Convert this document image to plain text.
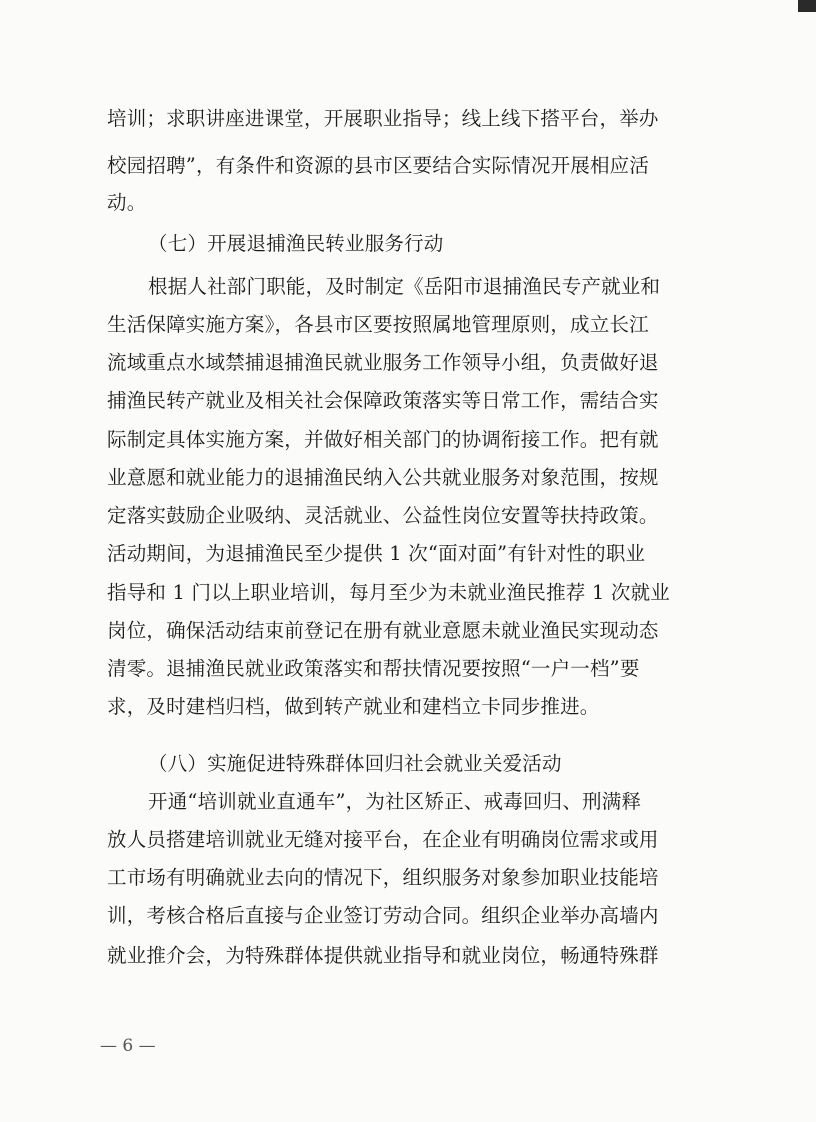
培训；求职讲座进课堂，开展职业指导；线上线下搭平台，举办
校园招聘”，有条件和资源的县市区要结合实际情况开展相应活
动。
（七）开展退捕渔民转业服务行动
根据人社部门职能，及时制定《岳阳市退捕渔民专产就业和
生活保障实施方案》，各县市区要按照属地管理原则，成立长江
流域重点水域禁捕退捕渔民就业服务工作领导小组，负责做好退
捕渔民转产就业及相关社会保障政策落实等日常工作，需结合实
际制定具体实施方案，并做好相关部门的协调衔接工作。把有就
业意愿和就业能力的退捕渔民纳入公共就业服务对象范围，按规
定落实鼓励企业吸纳、灵活就业、公益性岗位安置等扶持政策。
活动期间，为退捕渔民至少提供 1 次“面对面”有针对性的职业
指导和 1 门以上职业培训，每月至少为未就业渔民推荐 1 次就业
岗位，确保活动结束前登记在册有就业意愿未就业渔民实现动态
清零。退捕渔民就业政策落实和帮扶情况要按照“一户一档”要
求，及时建档归档，做到转产就业和建档立卡同步推进。
（八）实施促进特殊群体回归社会就业关爱活动
开通“培训就业直通车”，为社区矫正、戒毒回归、刑满释
放人员搭建培训就业无缝对接平台，在企业有明确岗位需求或用
工市场有明确就业去向的情况下，组织服务对象参加职业技能培
训，考核合格后直接与企业签订劳动合同。组织企业举办高墙内
就业推介会，为特殊群体提供就业指导和就业岗位，畅通特殊群
— 6 —
